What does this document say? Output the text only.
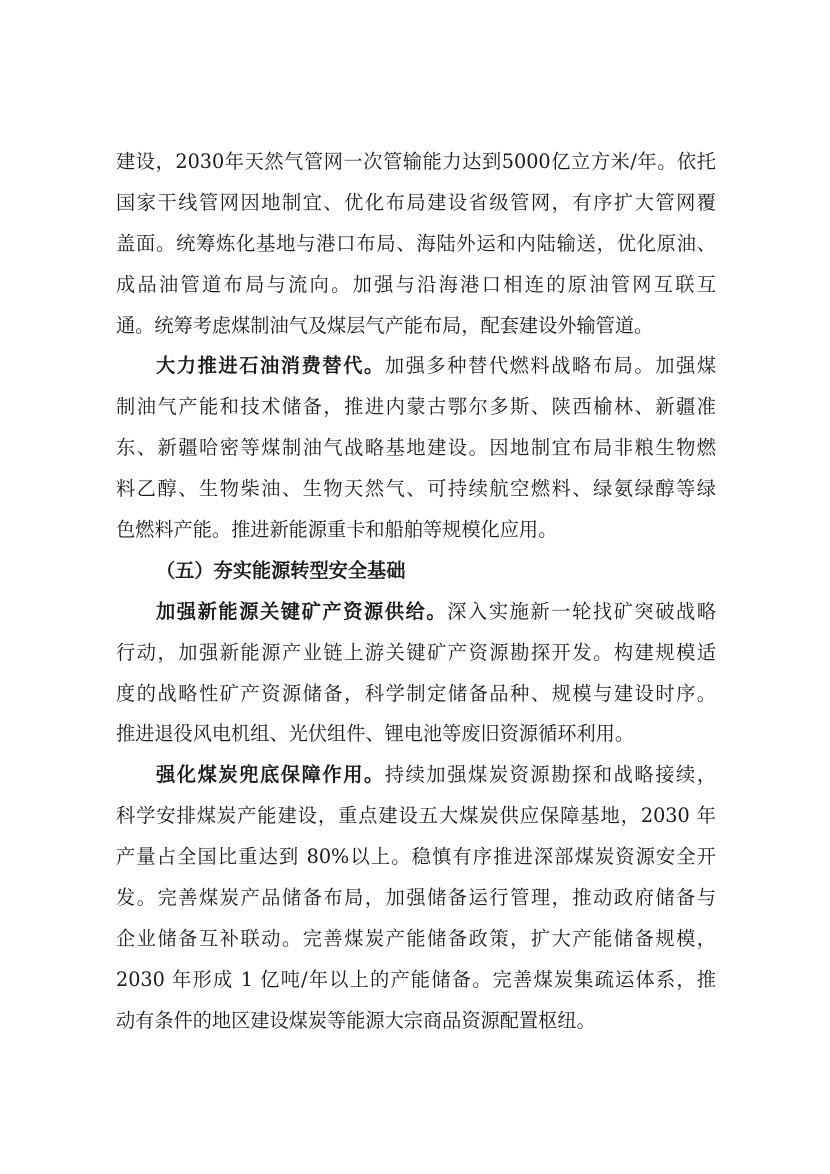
建设，2030年天然气管网一次管输能力达到5000亿立方米/年。依托
国家干线管网因地制宜、优化布局建设省级管网，有序扩大管网覆
盖面。统筹炼化基地与港口布局、海陆外运和内陆输送，优化原油、
成品油管道布局与流向。加强与沿海港口相连的原油管网互联互
通。统筹考虑煤制油气及煤层气产能布局，配套建设外输管道。
大力推进石油消费替代。加强多种替代燃料战略布局。加强煤
制油气产能和技术储备，推进内蒙古鄂尔多斯、陕西榆林、新疆准
东、新疆哈密等煤制油气战略基地建设。因地制宜布局非粮生物燃
料乙醇、生物柴油、生物天然气、可持续航空燃料、绿氨绿醇等绿
色燃料产能。推进新能源重卡和船舶等规模化应用。
（五）夯实能源转型安全基础
加强新能源关键矿产资源供给。深入实施新一轮找矿突破战略
行动，加强新能源产业链上游关键矿产资源勘探开发。构建规模适
度的战略性矿产资源储备，科学制定储备品种、规模与建设时序。
推进退役风电机组、光伏组件、锂电池等废旧资源循环利用。
强化煤炭兜底保障作用。持续加强煤炭资源勘探和战略接续，
科学安排煤炭产能建设，重点建设五大煤炭供应保障基地，2030 年
产量占全国比重达到 80%以上。稳慎有序推进深部煤炭资源安全开
发。完善煤炭产品储备布局，加强储备运行管理，推动政府储备与
企业储备互补联动。完善煤炭产能储备政策，扩大产能储备规模，
2030 年形成 1 亿吨/年以上的产能储备。完善煤炭集疏运体系，推
动有条件的地区建设煤炭等能源大宗商品资源配置枢纽。
